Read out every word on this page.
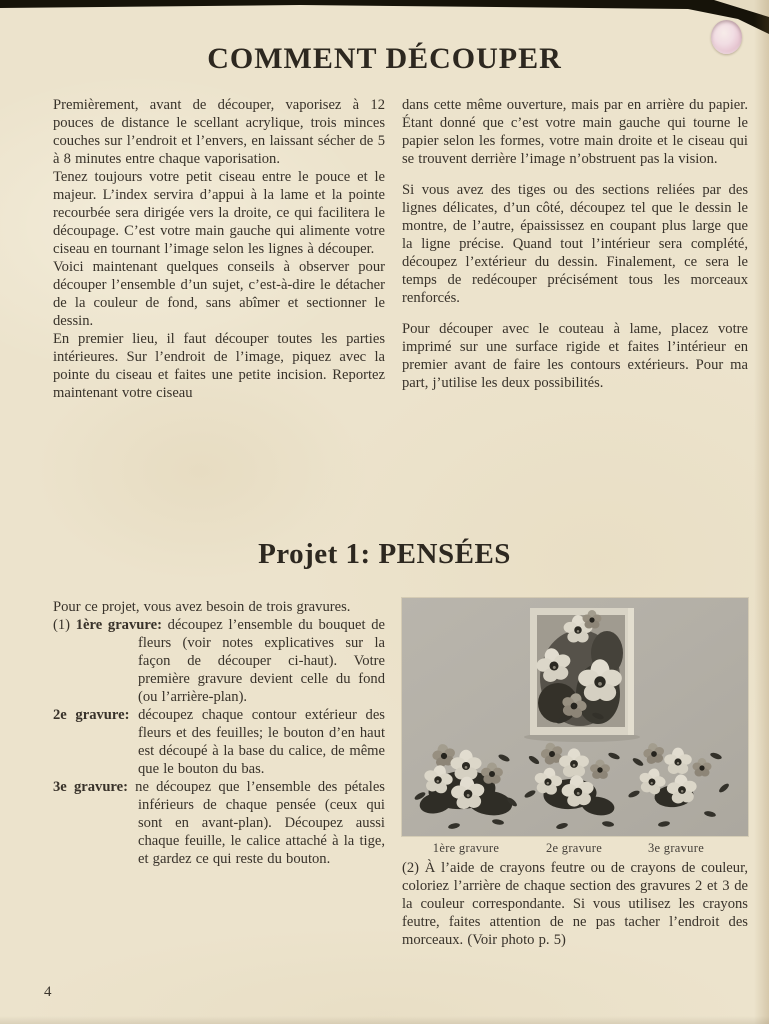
COMMENT DÉCOUPER

Premièrement, avant de découper, vaporisez à 12 pouces de distance le scellant acrylique, trois minces couches sur l’endroit et l’envers, en laissant sécher de 5 à 8 minutes entre chaque vaporisation.

Tenez toujours votre petit ciseau entre le pouce et le majeur. L’index servira d’appui à la lame et la pointe recourbée sera dirigée vers la droite, ce qui facilitera le découpage. C’est votre main gauche qui alimente votre ciseau en tournant l’image selon les lignes à découper.

Voici maintenant quelques conseils à observer pour découper l’ensemble d’un sujet, c’est-à-dire le détacher de la couleur de fond, sans abîmer et sectionner le dessin.

En premier lieu, il faut découper toutes les parties intérieures. Sur l’endroit de l’image, piquez avec la pointe du ciseau et faites une petite incision. Reportez maintenant votre ciseau

dans cette même ouverture, mais par en arrière du papier. Étant donné que c’est votre main gauche qui tourne le papier selon les formes, votre main droite et le ciseau qui se trouvent derrière l’image n’obstruent pas la vision.

Si vous avez des tiges ou des sections reliées par des lignes délicates, d’un côté, découpez tel que le dessin le montre, de l’autre, épaississez en coupant plus large que la ligne précise. Quand tout l’intérieur sera complété, découpez l’extérieur du dessin. Finalement, ce sera le temps de redécouper précisément tous les morceaux renforcés.

Pour découper avec le couteau à lame, placez votre imprimé sur une surface rigide et faites l’intérieur en premier avant de faire les contours extérieurs. Pour ma part, j’utilise les deux possibilités.

Projet 1: PENSÉES

Pour ce projet, vous avez besoin de trois gravures.

(1) 1ère gravure: découpez l’ensemble du bouquet de fleurs (voir notes explicatives sur la façon de découper ci-haut). Votre première gravure devient celle du fond (ou l’arrière-plan).

2e gravure: découpez chaque contour extérieur des fleurs et des feuilles; le bouton d’en haut est découpé à la base du calice, de même que le bouton du bas.

3e gravure: ne découpez que l’ensemble des pétales inférieurs de chaque pensée (ceux qui sont en avant-plan). Découpez aussi chaque feuille, le calice attaché à la tige, et gardez ce qui reste du bouton.

1ère gravure	2e gravure	3e gravure

(2) À l’aide de crayons feutre ou de crayons de couleur, coloriez l’arrière de chaque section des gravures 2 et 3 de la couleur correspondante. Si vous utilisez les crayons feutre, faites attention de ne pas tacher l’endroit des morceaux. (Voir photo p. 5)

4
